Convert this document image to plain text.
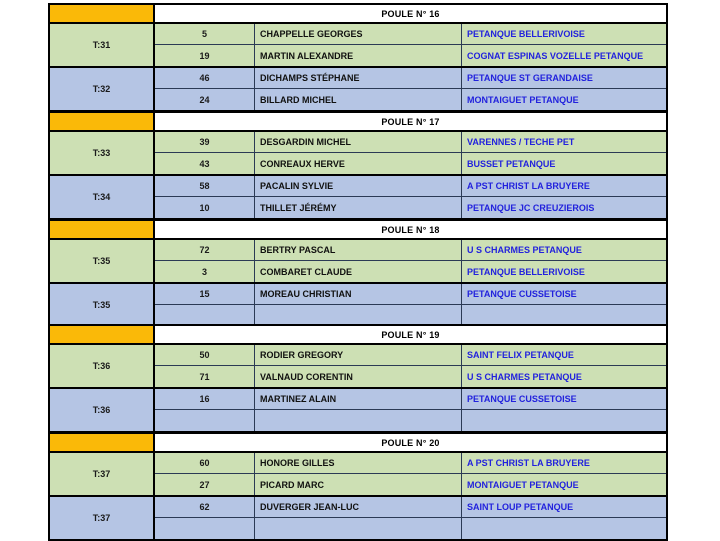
POULE N° 16
T:31
5	CHAPPELLE GEORGES	PETANQUE BELLERIVOISE
19	MARTIN ALEXANDRE	COGNAT ESPINAS VOZELLE PETANQUE
T:32
46	DICHAMPS STÉPHANE	PETANQUE ST GERANDAISE
24	BILLARD MICHEL	MONTAIGUET PETANQUE
POULE N° 17
T:33
39	DESGARDIN MICHEL	VARENNES / TECHE PET
43	CONREAUX HERVE	BUSSET PETANQUE
T:34
58	PACALIN SYLVIE	A PST CHRIST LA BRUYERE
10	THILLET JÉRÉMY	PETANQUE JC CREUZIEROIS
POULE N° 18
T:35
72	BERTRY PASCAL	U S CHARMES PETANQUE
3	COMBARET CLAUDE	PETANQUE BELLERIVOISE
T:35
15	MOREAU CHRISTIAN	PETANQUE CUSSETOISE
POULE N° 19
T:36
50	RODIER GREGORY	SAINT FELIX PETANQUE
71	VALNAUD CORENTIN	U S CHARMES PETANQUE
T:36
16	MARTINEZ ALAIN	PETANQUE CUSSETOISE
POULE N° 20
T:37
60	HONORE GILLES	A PST CHRIST LA BRUYERE
27	PICARD MARC	MONTAIGUET PETANQUE
T:37
62	DUVERGER JEAN-LUC	SAINT LOUP PETANQUE
